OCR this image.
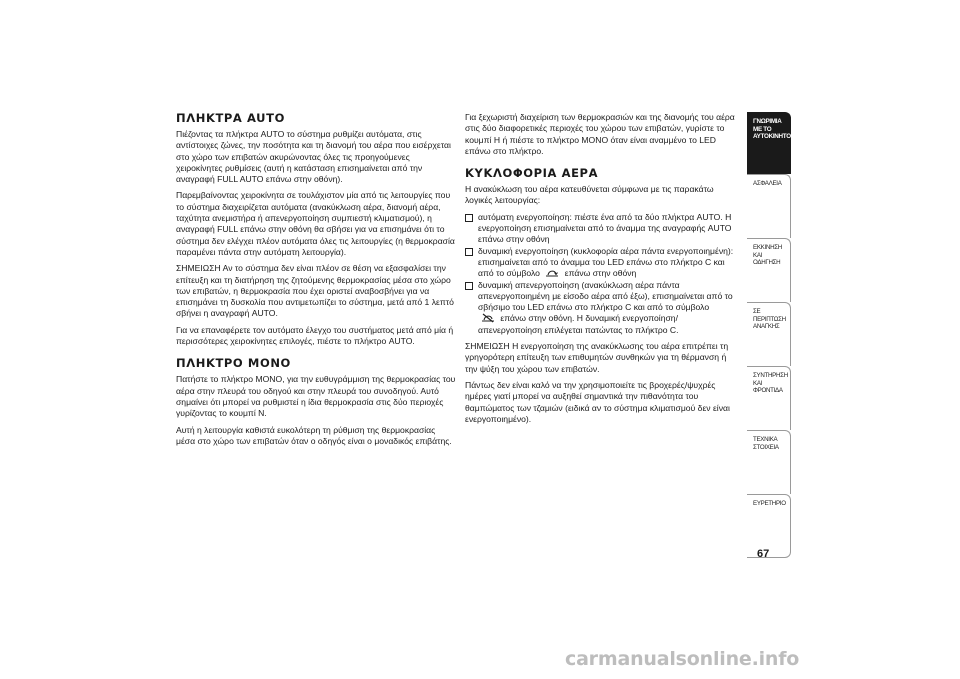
ΠΛΗΚΤΡΑ AUTO

Πιέζοντας τα πλήκτρα AUTO το σύστημα ρυθμίζει αυτόματα, στις αντίστοιχες ζώνες, την ποσότητα και τη διανομή του αέρα που εισέρχεται στο χώρο των επιβατών ακυρώνοντας όλες τις προηγούμενες χειροκίνητες ρυθμίσεις (αυτή η κατάσταση επισημαίνεται από την αναγραφή FULL AUTO επάνω στην οθόνη).

Παρεμβαίνοντας χειροκίνητα σε τουλάχιστον μία από τις λειτουργίες που το σύστημα διαχειρίζεται αυτόματα (ανακύκλωση αέρα, διανομή αέρα, ταχύτητα ανεμιστήρα ή απενεργοποίηση συμπιεστή κλιματισμού), η αναγραφή FULL επάνω στην οθόνη θα σβήσει για να επισημάνει ότι το σύστημα δεν ελέγχει πλέον αυτόματα όλες τις λειτουργίες (η θερμοκρασία παραμένει πάντα στην αυτόματη λειτουργία).

ΣΗΜΕΙΩΣΗ Αν το σύστημα δεν είναι πλέον σε θέση να εξασφαλίσει την επίτευξη και τη διατήρηση της ζητούμενης θερμοκρασίας μέσα στο χώρο των επιβατών, η θερμοκρασία που έχει οριστεί αναβοσβήνει για να επισημάνει τη δυσκολία που αντιμετωπίζει το σύστημα, μετά από 1 λεπτό σβήνει η αναγραφή AUTO.

Για να επαναφέρετε τον αυτόματο έλεγχο του συστήματος μετά από μία ή περισσότερες χειροκίνητες επιλογές, πιέστε το πλήκτρο AUTO.

ΠΛΗΚΤΡΟ MONO

Πατήστε το πλήκτρο MONO, για την ευθυγράμμιση της θερμοκρασίας του αέρα στην πλευρά του οδηγού και στην πλευρά του συνοδηγού. Αυτό σημαίνει ότι μπορεί να ρυθμιστεί η ίδια θερμοκρασία στις δύο περιοχές γυρίζοντας το κουμπί N.

Αυτή η λειτουργία καθιστά ευκολότερη τη ρύθμιση της θερμοκρασίας μέσα στο χώρο των επιβατών όταν ο οδηγός είναι ο μοναδικός επιβάτης.

Για ξεχωριστή διαχείριση των θερμοκρασιών και της διανομής του αέρα στις δύο διαφορετικές περιοχές του χώρου των επιβατών, γυρίστε το κουμπί H ή πιέστε το πλήκτρο MONO όταν είναι αναμμένο το LED επάνω στο πλήκτρο.

ΚΥΚΛΟΦΟΡΙΑ ΑΕΡΑ

Η ανακύκλωση του αέρα κατευθύνεται σύμφωνα με τις παρακάτω λογικές λειτουργίας:

αυτόματη ενεργοποίηση: πιέστε ένα από τα δύο πλήκτρα AUTO. Η ενεργοποίηση επισημαίνεται από το άναμμα της αναγραφής AUTO επάνω στην οθόνη
δυναμική ενεργοποίηση (κυκλοφορία αέρα πάντα ενεργοποιημένη): επισημαίνεται από το άναμμα του LED επάνω στο πλήκτρο C και από το σύμβολο	επάνω στην οθόνη
δυναμική απενεργοποίηση (ανακύκλωση αέρα πάντα απενεργοποιημένη με είσοδο αέρα από έξω), επισημαίνεται από το σβήσιμο του LED επάνω στο πλήκτρο C και από το σύμβολο
επάνω στην οθόνη. Η δυναμική ενεργοποίηση/απενεργοποίηση επιλέγεται πατώντας το πλήκτρο C.

ΣΗΜΕΙΩΣΗ Η ενεργοποίηση της ανακύκλωσης του αέρα επιτρέπει τη γρηγορότερη επίτευξη των επιθυμητών συνθηκών για τη θέρμανση ή την ψύξη του χώρου των επιβατών.

Πάντως δεν είναι καλό να την χρησιμοποιείτε τις βροχερές/ψυχρές ημέρες γιατί μπορεί να αυξηθεί σημαντικά την πιθανότητα του θαμπώματος των τζαμιών (ειδικά αν το σύστημα κλιματισμού δεν είναι ενεργοποιημένο).

ΓΝΩΡΙΜΙΑ ΜΕ ΤΟ ΑΥΤΟΚΙΝΗΤΟ
ΑΣΦΑΛΕΙΑ
ΕΚΚΙΝΗΣΗ ΚΑΙ ΟΔΗΓΗΣΗ
ΣΕ ΠΕΡΙΠΤΩΣΗ ΑΝΑΓΚΗΣ
ΣΥΝΤΗΡΗΣΗ ΚΑΙ ΦΡΟΝΤΙΔΑ
ΤΕΧΝΙΚΑ ΣΤΟΙΧΕΙΑ
ΕΥΡΕΤΗΡΙΟ
67
carmanualsonline.info
